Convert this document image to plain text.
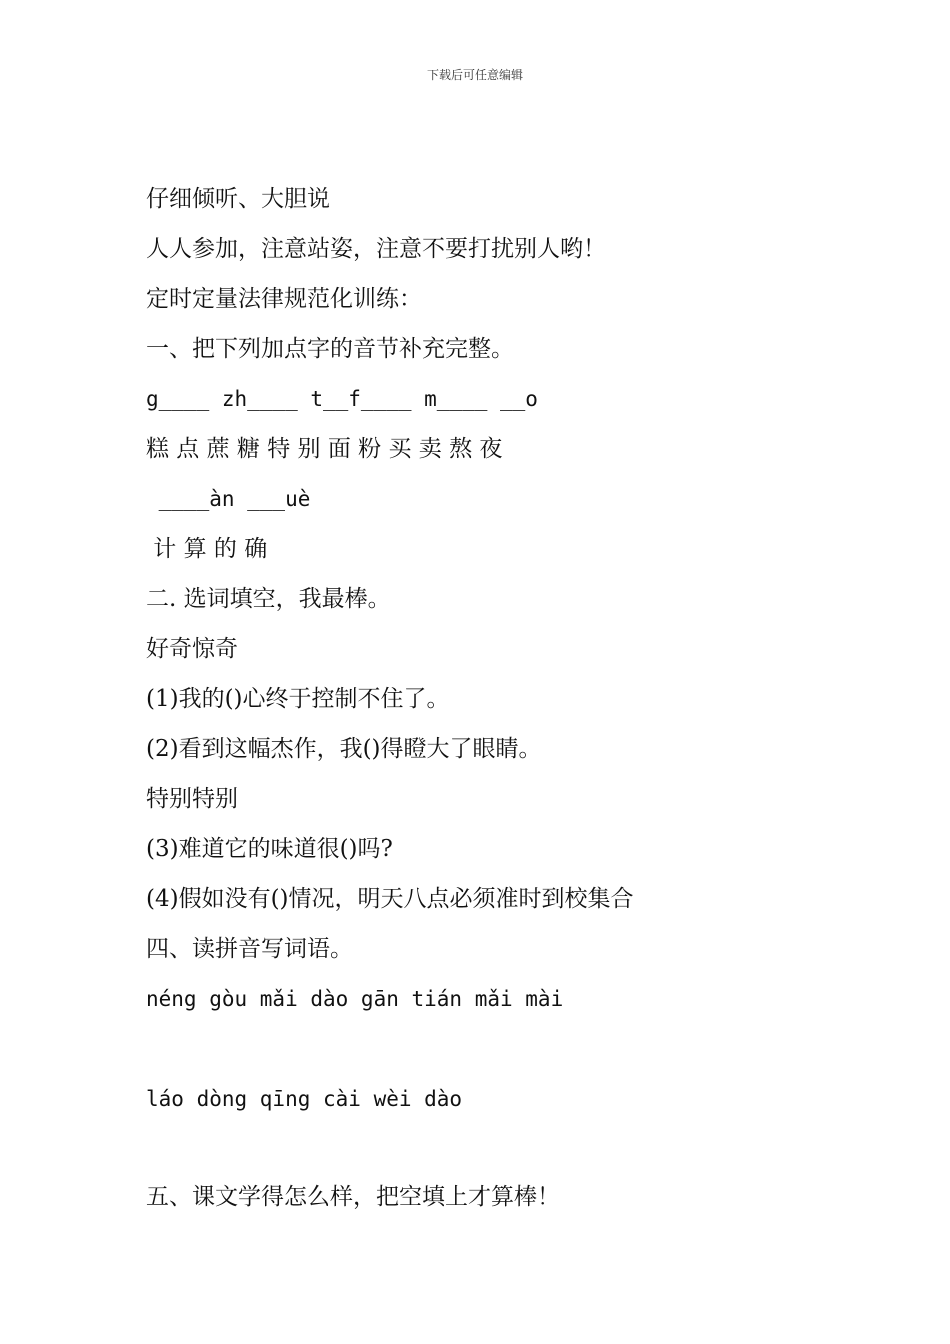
下载后可任意编辑
仔细倾听、大胆说
人人参加，注意站姿，注意不要打扰别人哟！
定时定量法律规范化训练：
一、把下列加点字的音节补充完整。
g____ zh____ t__f____ m____ __o
糕 点 蔗 糖 特 别 面 粉 买 卖 熬 夜
____àn ___uè
计 算 的 确
二. 选词填空，我最棒。
好奇惊奇
(1)我的()心终于控制不住了。
(2)看到这幅杰作，我()得瞪大了眼睛。
特别特别
(3)难道它的味道很()吗?
(4)假如没有()情况，明天八点必须准时到校集合
四、读拼音写词语。
néng gòu mǎi dào gān tián mǎi mài
láo dòng qīng cài wèi dào
五、课文学得怎么样，把空填上才算棒！
